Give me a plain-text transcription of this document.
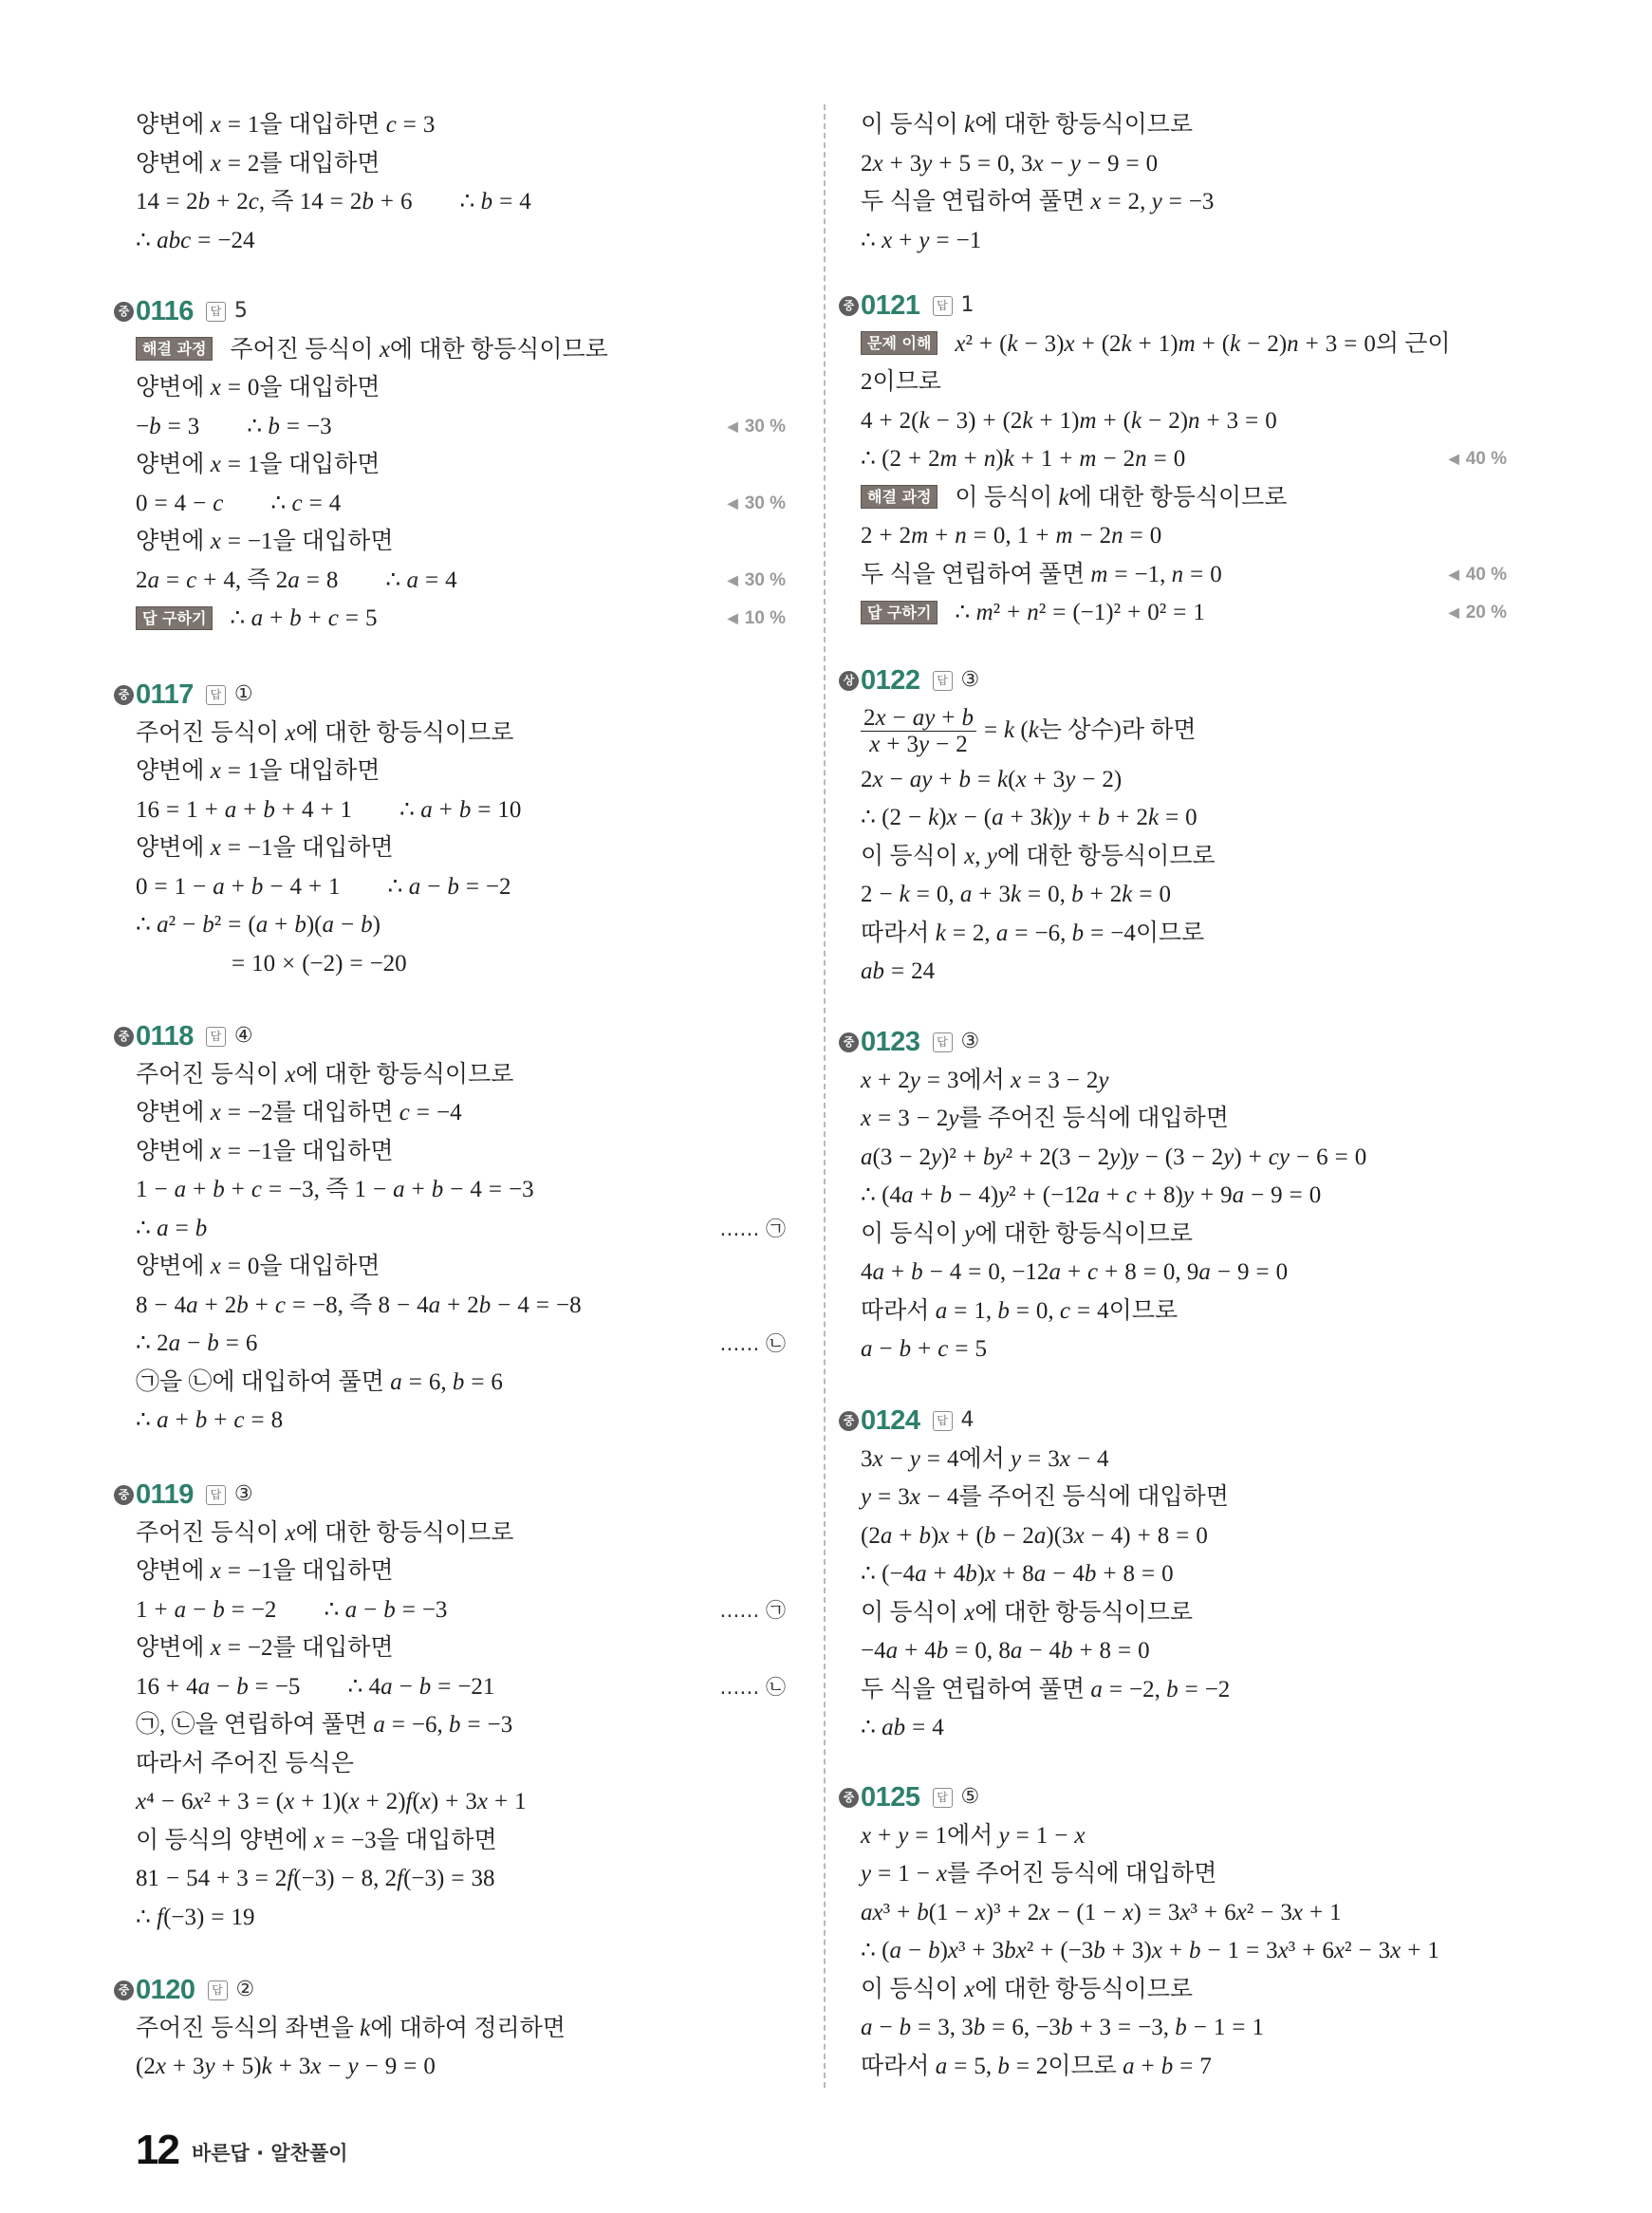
양변에 x = 1을 대입하면 c = 3
양변에 x = 2를 대입하면
14 = 2b + 2c, 즉 14 = 2b + 6 ∴ b = 4
∴ abc = −24
중 0116	답 5
해결 과정 주어진 등식이 x에 대한 항등식이므로
양변에 x = 0을 대입하면
−b = 3 ∴ b = −3 ◀	30 %
양변에 x = 1을 대입하면
0 = 4 − c ∴ c = 4 ◀	30 %
양변에 x = −1을 대입하면
2a = c + 4, 즉 2a = 8 ∴ a = 4 ◀	30 %
답 구하기 ∴ a + b + c = 5 ◀	10 %
중 0117	답 ①
주어진 등식이 x에 대한 항등식이므로
양변에 x = 1을 대입하면
16 = 1 + a + b + 4 + 1 ∴ a + b = 10
양변에 x = −1을 대입하면
0 = 1 − a + b − 4 + 1 ∴ a − b = −2
∴ a² − b² = (a + b)(a − b)
= 10 × (−2) = −20
중 0118	답 ④
주어진 등식이 x에 대한 항등식이므로
양변에 x = −2를 대입하면 c = −4
양변에 x = −1을 대입하면
1 − a + b + c = −3, 즉 1 − a + b − 4 = −3
∴ a = b	…… ㉠
양변에 x = 0을 대입하면
8 − 4a + 2b + c = −8, 즉 8 − 4a + 2b − 4 = −8
∴ 2a − b = 6	…… ㉡
㉠을 ㉡에 대입하여 풀면 a = 6, b = 6
∴ a + b + c = 8
중 0119	답 ③
주어진 등식이 x에 대한 항등식이므로
양변에 x = −1을 대입하면
1 + a − b = −2 ∴ a − b = −3	…… ㉠
양변에 x = −2를 대입하면
16 + 4a − b = −5 ∴ 4a − b = −21	…… ㉡
㉠, ㉡을 연립하여 풀면 a = −6, b = −3
따라서 주어진 등식은
x⁴ − 6x² + 3 = (x + 1)(x + 2)f(x) + 3x + 1
이 등식의 양변에 x = −3을 대입하면
81 − 54 + 3 = 2f(−3) − 8, 2f(−3) = 38
∴ f(−3) = 19
중 0120	답 ②
주어진 등식의 좌변을 k에 대하여 정리하면
(2x + 3y + 5)k + 3x − y − 9 = 0
이 등식이 k에 대한 항등식이므로
2x + 3y + 5 = 0, 3x − y − 9 = 0
두 식을 연립하여 풀면 x = 2, y = −3
∴ x + y = −1
중 0121	답 1
문제 이해 x² + (k − 3)x + (2k + 1)m + (k − 2)n + 3 = 0의 근이
2이므로
4 + 2(k − 3) + (2k + 1)m + (k − 2)n + 3 = 0
∴ (2 + 2m + n)k + 1 + m − 2n = 0 ◀	40 %
해결 과정 이 등식이 k에 대한 항등식이므로
2 + 2m + n = 0, 1 + m − 2n = 0
두 식을 연립하여 풀면 m = −1, n = 0 ◀	40 %
답 구하기 ∴ m² + n² = (−1)² + 0² = 1 ◀	20 %
상 0122	답 ③
$\frac{2x - ay + b}{x + 3y - 2} = k$ (k는 상수)라 하면
2x − ay + b = k(x + 3y − 2)
∴ (2 − k)x − (a + 3k)y + b + 2k = 0
이 등식이 x, y에 대한 항등식이므로
2 − k = 0, a + 3k = 0, b + 2k = 0
따라서 k = 2, a = −6, b = −4이므로
ab = 24
중 0123	답 ③
x + 2y = 3에서 x = 3 − 2y
x = 3 − 2y를 주어진 등식에 대입하면
a(3 − 2y)² + by² + 2(3 − 2y)y − (3 − 2y) + cy − 6 = 0
∴ (4a + b − 4)y² + (−12a + c + 8)y + 9a − 9 = 0
이 등식이 y에 대한 항등식이므로
4a + b − 4 = 0, −12a + c + 8 = 0, 9a − 9 = 0
따라서 a = 1, b = 0, c = 4이므로
a − b + c = 5
중 0124	답 4
3x − y = 4에서 y = 3x − 4
y = 3x − 4를 주어진 등식에 대입하면
(2a + b)x + (b − 2a)(3x − 4) + 8 = 0
∴ (−4a + 4b)x + 8a − 4b + 8 = 0
이 등식이 x에 대한 항등식이므로
−4a + 4b = 0, 8a − 4b + 8 = 0
두 식을 연립하여 풀면 a = −2, b = −2
∴ ab = 4
중 0125	답 ⑤
x + y = 1에서 y = 1 − x
y = 1 − x를 주어진 등식에 대입하면
ax³ + b(1 − x)³ + 2x − (1 − x) = 3x³ + 6x² − 3x + 1
∴ (a − b)x³ + 3bx² + (−3b + 3)x + b − 1 = 3x³ + 6x² − 3x + 1
이 등식이 x에 대한 항등식이므로
a − b = 3, 3b = 6, −3b + 3 = −3, b − 1 = 1
따라서 a = 5, b = 2이므로 a + b = 7
12 바른답 · 알찬풀이
